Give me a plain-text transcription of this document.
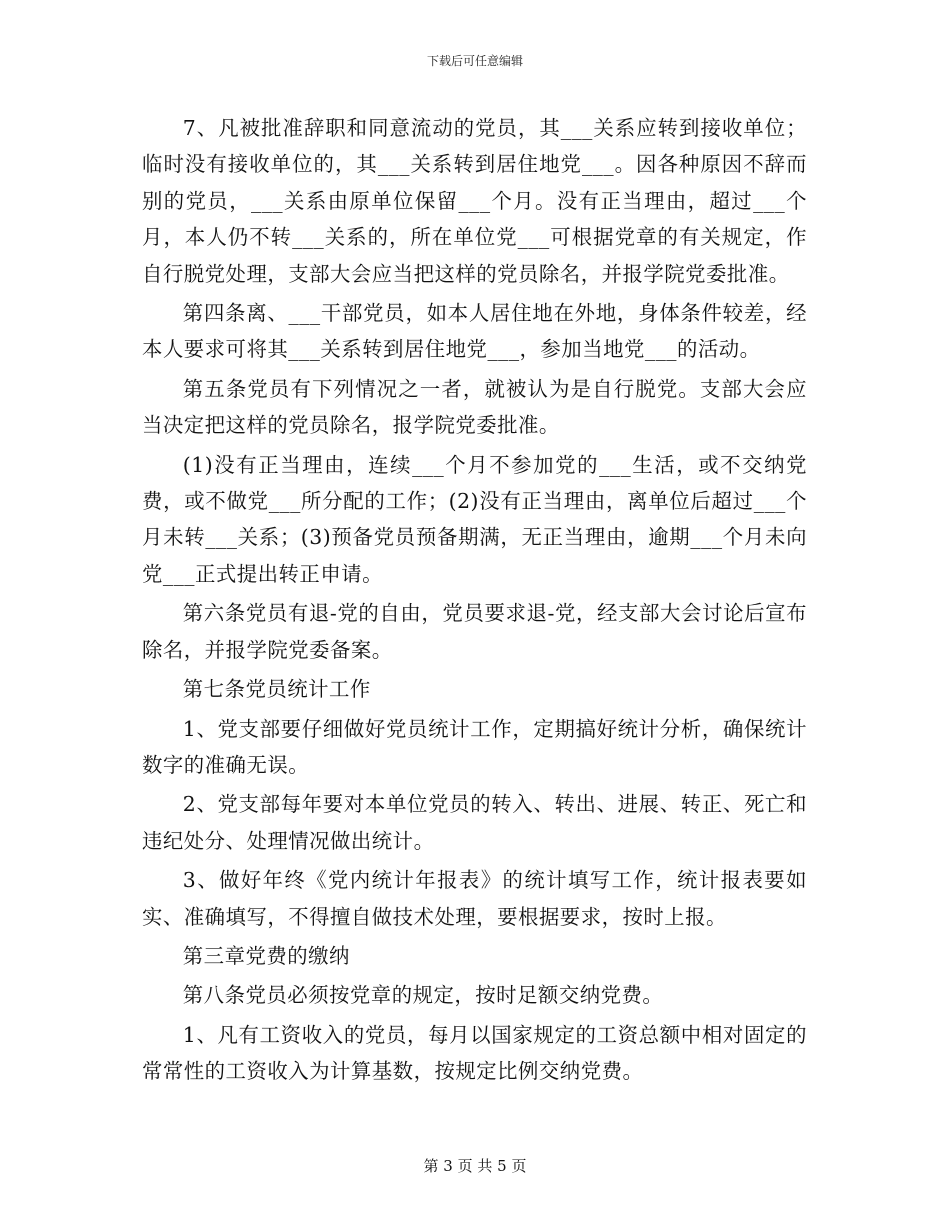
下载后可任意编辑

7、凡被批准辞职和同意流动的党员，其___关系应转到接收单位；临时没有接收单位的，其___关系转到居住地党___。因各种原因不辞而别的党员，___关系由原单位保留___个月。没有正当理由，超过___个月，本人仍不转___关系的，所在单位党___可根据党章的有关规定，作自行脱党处理，支部大会应当把这样的党员除名，并报学院党委批准。

第四条离、___干部党员，如本人居住地在外地，身体条件较差，经本人要求可将其___关系转到居住地党___，参加当地党___的活动。

第五条党员有下列情况之一者，就被认为是自行脱党。支部大会应当决定把这样的党员除名，报学院党委批准。

(1)没有正当理由，连续___个月不参加党的___生活，或不交纳党费，或不做党___所分配的工作；(2)没有正当理由，离单位后超过___个月未转___关系；(3)预备党员预备期满，无正当理由，逾期___个月未向党___正式提出转正申请。

第六条党员有退-党的自由，党员要求退-党，经支部大会讨论后宣布除名，并报学院党委备案。

第七条党员统计工作

1、党支部要仔细做好党员统计工作，定期搞好统计分析，确保统计数字的准确无误。

2、党支部每年要对本单位党员的转入、转出、进展、转正、死亡和违纪处分、处理情况做出统计。

3、做好年终《党内统计年报表》的统计填写工作，统计报表要如实、准确填写，不得擅自做技术处理，要根据要求，按时上报。

第三章党费的缴纳

第八条党员必须按党章的规定，按时足额交纳党费。

1、凡有工资收入的党员，每月以国家规定的工资总额中相对固定的常常性的工资收入为计算基数，按规定比例交纳党费。

第 3 页 共 5 页
